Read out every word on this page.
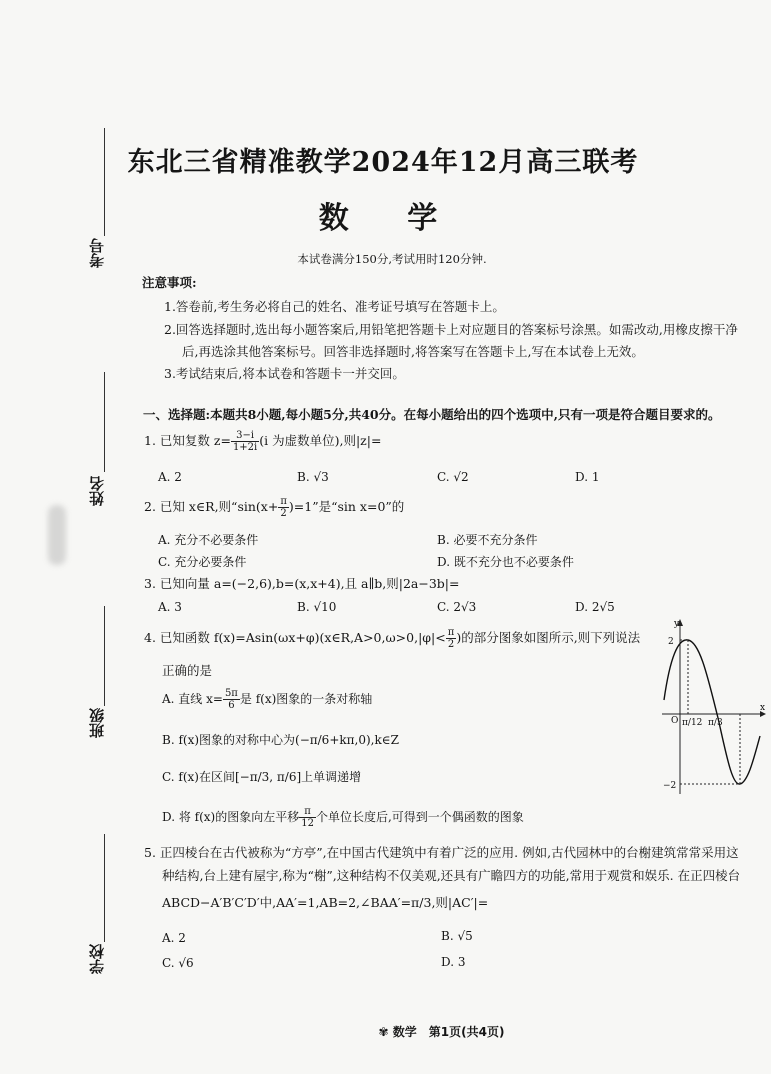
考号
姓名
班级
学校
东北三省精准教学2024年12月高三联考
数 学
本试卷满分150分,考试用时120分钟.
注意事项:
1.答卷前,考生务必将自己的姓名、准考证号填写在答题卡上。
2.回答选择题时,选出每小题答案后,用铅笔把答题卡上对应题目的答案标号涂黑。如需改动,用橡皮擦干净
后,再选涂其他答案标号。回答非选择题时,将答案写在答题卡上,写在本试卷上无效。
3.考试结束后,将本试卷和答题卡一并交回。
一、选择题:本题共8小题,每小题5分,共40分。在每小题给出的四个选项中,只有一项是符合题目要求的。
1. 已知复数 $z= \frac{3-i}{1+2i} (i$ 为虚数单位),则|z|=
A. 2	B. √3	C. √2	D. 1
2. 已知 x∈R,则“$\sin(x+ \frac{\pi}{2} )=1$”是“sin x=0”的
A. 充分不必要条件	B. 必要不充分条件
C. 充分必要条件	D. 既不充分也不必要条件
3. 已知向量 a=(−2,6),b=(x,x+4),且 a∥b,则|2a−3b|=
A. 3	B. √10	C. 2√3	D. 2√5
4. 已知函数 f(x)=Asin(ωx+φ)(x∈R,A>0,ω>0,|φ|< $\frac{\pi}{2}$ )的部分图象如图所示,则下列说法
正确的是
A. 直线 $x= \frac{5\pi}{6}$ 是 f(x)图象的一条对称轴
B. f(x)图象的对称中心为(−π/6+kπ,0),k∈Z
C. f(x)在区间[−π/3, π/6]上单调递增
D. 将 f(x)的图象向左平移 $\frac{\pi}{12}$ 个单位长度后,可得到一个偶函数的图象
y
x
O
2
−2
π/12 π/3
5. 正四棱台在古代被称为“方亭”,在中国古代建筑中有着广泛的应用. 例如,古代园林中的台榭建筑常常采用这
种结构,台上建有屋宇,称为“榭”,这种结构不仅美观,还具有广瞻四方的功能,常用于观赏和娱乐. 在正四棱台
ABCD−A′B′C′D′中,AA′=1,AB=2,∠BAA′=π/3,则|AC′|=
A. 2	B. √5
C. √6	D. 3
✾ 数学　第1页(共4页)
